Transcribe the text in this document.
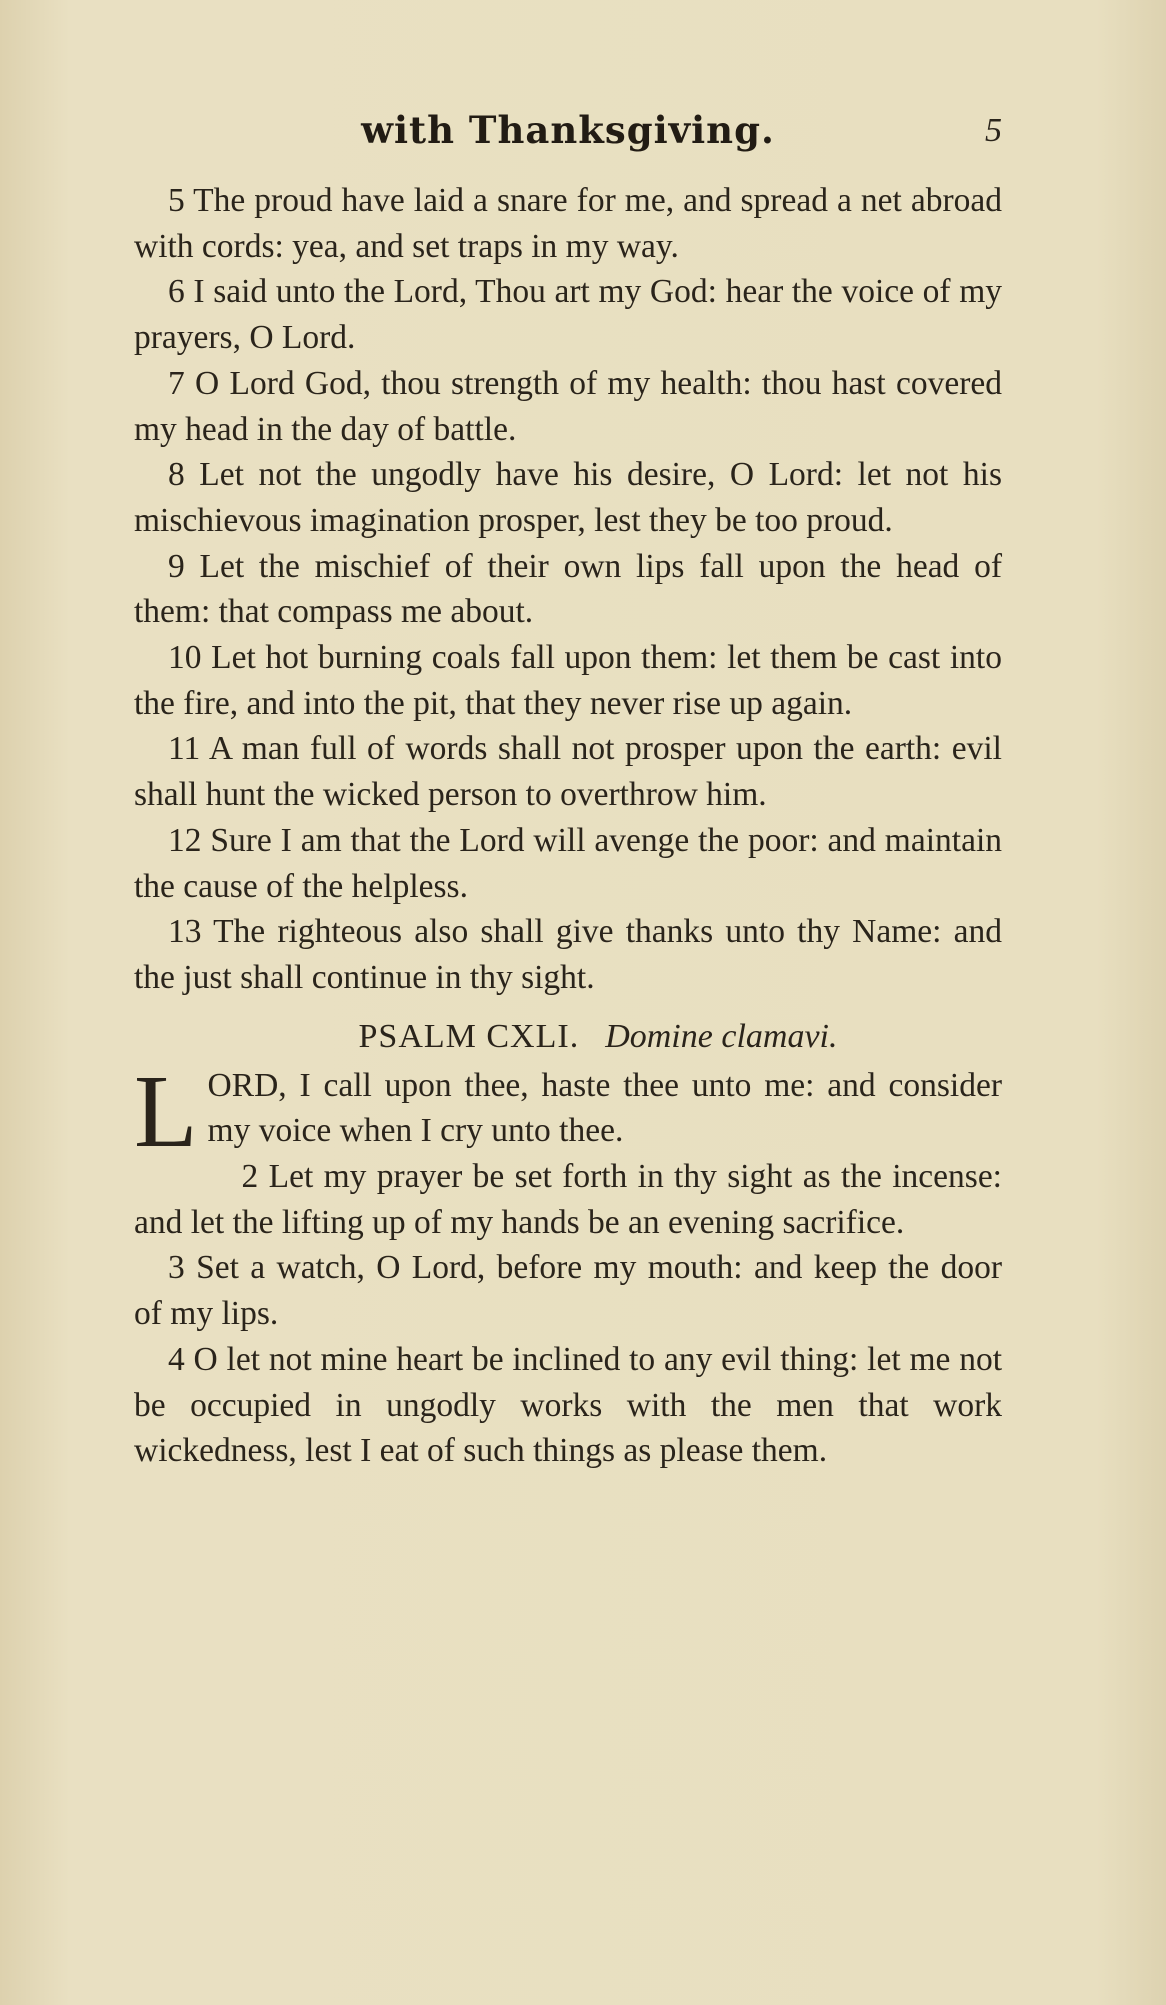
with Thanksgiving.	5

5 The proud have laid a snare for me, and spread a net abroad with cords: yea, and set traps in my way.

6 I said unto the Lord, Thou art my God: hear the voice of my prayers, O Lord.

7 O Lord God, thou strength of my health: thou hast covered my head in the day of battle.

8 Let not the ungodly have his desire, O Lord: let not his mischievous imagination prosper, lest they be too proud.

9 Let the mischief of their own lips fall upon the head of them: that compass me about.

10 Let hot burning coals fall upon them: let them be cast into the fire, and into the pit, that they never rise up again.

11 A man full of words shall not prosper upon the earth: evil shall hunt the wicked person to overthrow him.

12 Sure I am that the Lord will avenge the poor: and maintain the cause of the helpless.

13 The righteous also shall give thanks unto thy Name: and the just shall continue in thy sight.

PSALM CXLI. Domine clamavi.

LORD, I call upon thee, haste thee unto me: and consider my voice when I cry unto thee.

2 Let my prayer be set forth in thy sight as the incense: and let the lifting up of my hands be an evening sacrifice.

3 Set a watch, O Lord, before my mouth: and keep the door of my lips.

4 O let not mine heart be inclined to any evil thing: let me not be occupied in ungodly works with the men that work wickedness, lest I eat of such things as please them.
